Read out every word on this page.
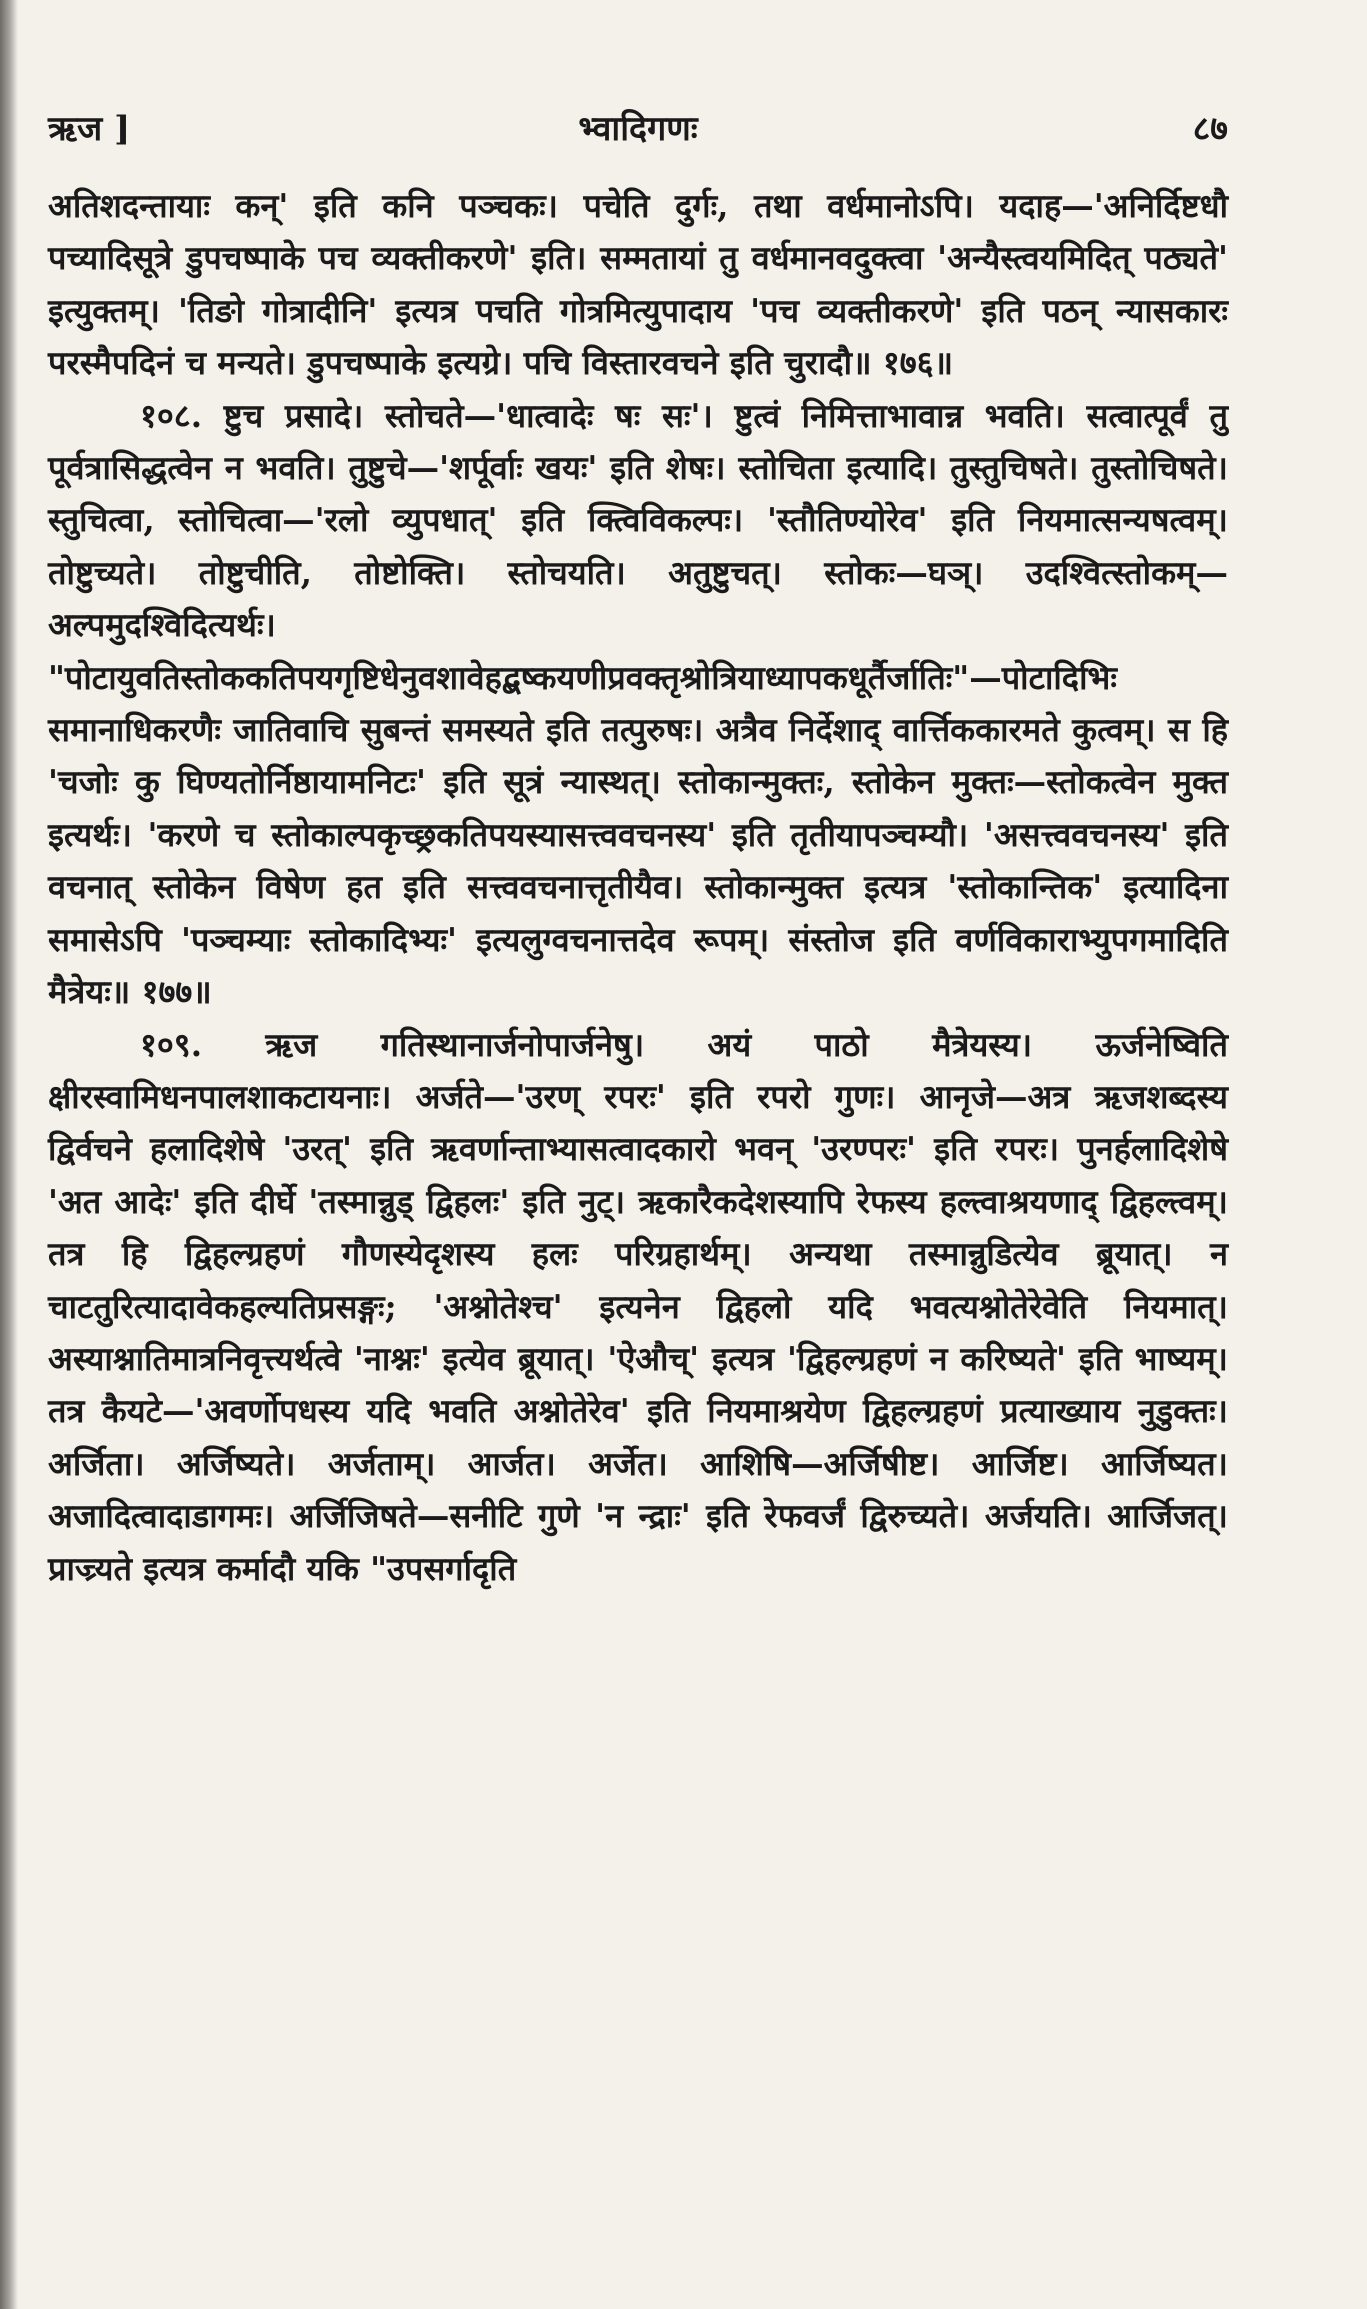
ऋज ]	भ्वादिगणः	८७

अतिशदन्तायाः कन्' इति कनि पञ्चकः। पचेति दुर्गः, तथा वर्धमानोऽपि। यदाह—'अनिर्दिष्टधौ पच्यादिसूत्रे डुपचष्पाके पच व्यक्तीकरणे' इति। सम्मतायां तु वर्धमानवदुक्त्वा 'अन्यैस्त्वयमिदित् पठ्यते' इत्युक्तम्। 'तिङो गोत्रादीनि' इत्यत्र पचति गोत्रमित्युपादाय 'पच व्यक्तीकरणे' इति पठन् न्यासकारः परस्मैपदिनं च मन्यते। डुपचष्पाके इत्यग्रे। पचि विस्तारवचने इति चुरादौ॥ १७६॥

१०८. ष्टुच प्रसादे। स्तोचते—'धात्वादेः षः सः'। ष्टुत्वं निमित्ताभावान्न भवति। सत्वात्पूर्वं तु पूर्वत्रासिद्धत्वेन न भवति। तुष्टुचे—'शर्पूर्वाः खयः' इति शेषः। स्तोचिता इत्यादि। तुस्तुचिषते। तुस्तोचिषते। स्तुचित्वा, स्तोचित्वा—'रलो व्युपधात्' इति क्त्विविकल्पः। 'स्तौतिण्योरेव' इति नियमात्सन्यषत्वम्। तोष्टुच्यते। तोष्टुचीति, तोष्टोक्ति। स्तोचयति। अतुष्टुचत्। स्तोकः—घञ्। उदश्वित्स्तोकम्—अल्पमुदश्विदित्यर्थः। "पोटायुवतिस्तोककतिपयगृष्टिधेनुवशावेहद्बष्कयणीप्रवक्तृश्रोत्रियाध्यापकधूर्तैर्जातिः"—पोटादिभिः समानाधिकरणैः जातिवाचि सुबन्तं समस्यते इति तत्पुरुषः। अत्रैव निर्देशाद् वार्त्तिककारमते कुत्वम्। स हि 'चजोः कु घिण्यतोर्निष्ठायामनिटः' इति सूत्रं न्यास्थत्। स्तोकान्मुक्तः, स्तोकेन मुक्तः—स्तोकत्वेन मुक्त इत्यर्थः। 'करणे च स्तोकाल्पकृच्छ्रकतिपयस्यासत्त्ववचनस्य' इति तृतीयापञ्चम्यौ। 'असत्त्ववचनस्य' इति वचनात् स्तोकेन विषेण हत इति सत्त्ववचनात्तृतीयैव। स्तोकान्मुक्त इत्यत्र 'स्तोकान्तिक' इत्यादिना समासेऽपि 'पञ्चम्याः स्तोकादिभ्यः' इत्यलुग्वचनात्तदेव रूपम्। संस्तोज इति वर्णविकाराभ्युपगमादिति मैत्रेयः॥ १७७॥

१०९. ऋज गतिस्थानार्जनोपार्जनेषु। अयं पाठो मैत्रेयस्य। ऊर्जनेष्विति क्षीरस्वामिधनपालशाकटायनाः। अर्जते—'उरण् रपरः' इति रपरो गुणः। आनृजे—अत्र ऋजशब्दस्य द्विर्वचने हलादिशेषे 'उरत्' इति ऋवर्णान्ताभ्यासत्वादकारो भवन् 'उरण्परः' इति रपरः। पुनर्हलादिशेषे 'अत आदेः' इति दीर्घे 'तस्मान्नुड् द्विहलः' इति नुट्। ऋकारैकदेशस्यापि रेफस्य हल्त्वाश्रयणाद् द्विहल्त्वम्। तत्र हि द्विहल्ग्रहणं गौणस्येदृशस्य हलः परिग्रहार्थम्। अन्यथा तस्मान्नुडित्येव ब्रूयात्। न चाटतुरित्यादावेकहल्यतिप्रसङ्गः; 'अश्नोतेश्च' इत्यनेन द्विहलो यदि भवत्यश्नोतेरेवेति नियमात्। अस्याश्नातिमात्रनिवृत्त्यर्थत्वे 'नाश्नः' इत्येव ब्रूयात्। 'ऐऔच्' इत्यत्र 'द्विहल्ग्रहणं न करिष्यते' इति भाष्यम्। तत्र कैयटे—'अवर्णोपधस्य यदि भवति अश्नोतेरेव' इति नियमाश्रयेण द्विहल्ग्रहणं प्रत्याख्याय नुडुक्तः। अर्जिता। अर्जिष्यते। अर्जताम्। आर्जत। अर्जेत। आशिषि—अर्जिषीष्ट। आर्जिष्ट। आर्जिष्यत। अजादित्वादाडागमः। अर्जिजिषते—सनीटि गुणे 'न न्द्राः' इति रेफवर्जं द्विरुच्यते। अर्जयति। आर्जिजत्। प्राज्र्यते इत्यत्र कर्मादौ यकि "उपसर्गादृति
